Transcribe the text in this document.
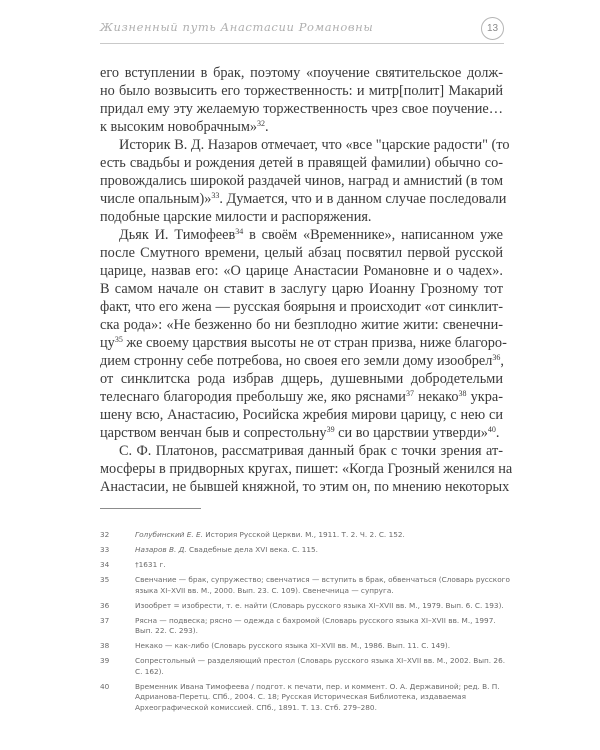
Жизненный путь Анастасии Романовны	13
его вступлении в брак, поэтому «поучение святительское долж-
но было возвысить его торжественность: и митр[полит] Макарий
придал ему эту желаемую торжественность чрез свое поучение…
к высоким новобрачным»$^{32}$.
Историк В. Д. Назаров отмечает, что «все "царские радости" (то
есть свадьбы и рождения детей в правящей фамилии) обычно со-
провождались широкой раздачей чинов, наград и амнистий (в том
числе опальным)»$^{33}$. Думается, что и в данном случае последовали
подобные царские милости и распоряжения.
Дьяк И. Тимофеев$^{34}$ в своём «Временнике», написанном уже
после Смутного времени, целый абзац посвятил первой русской
царице, назвав его: «О царице Анастасии Романовне и о чадех».
В самом начале он ставит в заслугу царю Иоанну Грозному тот
факт, что его жена — русская боярыня и происходит «от синклит-
ска рода»: «Не безженно бо ни безплодно житие жити: свенечни-
$цу^{35}$ же своему царствия высоты не от стран призва, ниже благоро-
дием стронну себе потребова, но своея его земли дому изообрел$^{36}$,
от синклитска рода избрав дщерь, душевными добродетельми
телеснаго благородия пребольшу же, яко ряснами$^{37}$ некако$^{38}$ укра-
шену всю, Анастасию, Росийска жребия мирови царицу, с нею си
царством венчан быв и сопрестольну$^{39}$ си во царствии утверди»$^{40}$.
С. Ф. Платонов, рассматривая данный брак с точки зрения ат-
мосферы в придворных кругах, пишет: «Когда Грозный женился на
Анастасии, не бывшей княжной, то этим он, по мнению некоторых
32	Голубинский Е. Е. История Русской Церкви. М., 1911. Т. 2. Ч. 2. С. 152.
33	Назаров В. Д. Свадебные дела XVI века. С. 115.
34	†1631 г.
35	Свенчание — брак, супружество; свенчатися — вступить в брак, обвенчаться (Словарь русского языка XI–XVII вв. М., 2000. Вып. 23. С. 109). Свенечница — супруга.
36	Изообрет = изобрести, т. е. найти (Словарь русского языка XI–XVII вв. М., 1979. Вып. 6. С. 193).
37	Рясна — подвеска; рясно — одежда с бахромой (Словарь русского языка XI–XVII вв. М., 1997. Вып. 22. С. 293).
38	Некако — как-либо (Словарь русского языка XI–XVII вв. М., 1986. Вып. 11. С. 149).
39	Сопрестольный — разделяющий престол (Словарь русского языка XI–XVII вв. М., 2002. Вып. 26. С. 162).
40	Временник Ивана Тимофеева / подгот. к печати, пер. и коммент. О. А. Державиной; ред. В. П. Адрианова-Перетц. СПб., 2004. С. 18; Русская Историческая Библиотека, издаваемая Археографической комиссией. СПб., 1891. Т. 13. Стб. 279–280.
